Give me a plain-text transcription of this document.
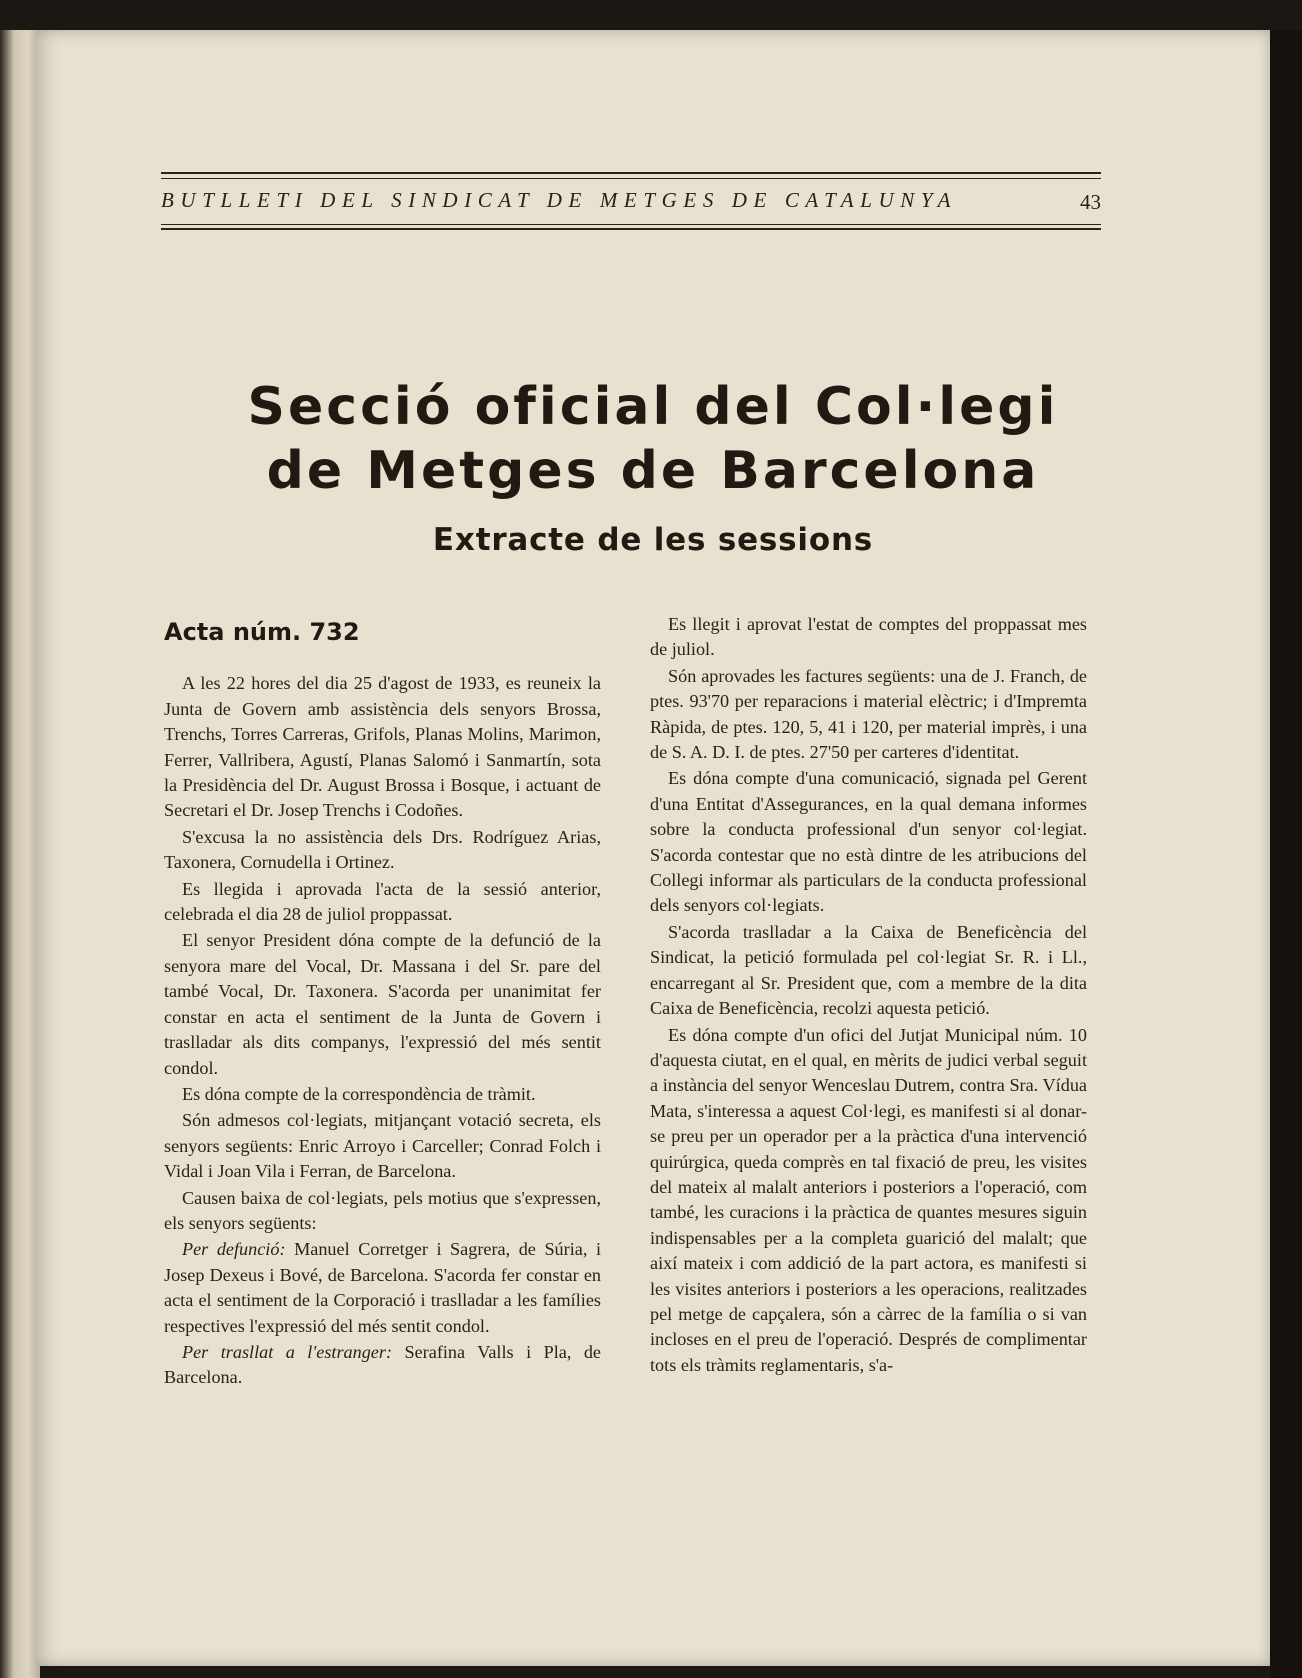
BUTLLETI DEL SINDICAT DE METGES DE CATALUNYA	43
Secció oficial del Col·legi
de Metges de Barcelona
Extracte de les sessions
Acta núm. 732

A les 22 hores del dia 25 d'agost de 1933, es reuneix la Junta de Govern amb assistència dels senyors Brossa, Trenchs, Torres Carreras, Grifols, Planas Molins, Marimon, Ferrer, Vallribera, Agustí, Planas Salomó i Sanmartín, sota la Presidència del Dr. August Brossa i Bosque, i actuant de Secretari el Dr. Josep Trenchs i Codoñes.

S'excusa la no assistència dels Drs. Rodríguez Arias, Taxonera, Cornudella i Ortinez.

Es llegida i aprovada l'acta de la sessió anterior, celebrada el dia 28 de juliol proppassat.

El senyor President dóna compte de la defunció de la senyora mare del Vocal, Dr. Massana i del Sr. pare del també Vocal, Dr. Taxonera. S'acorda per unanimitat fer constar en acta el sentiment de la Junta de Govern i traslladar als dits companys, l'expressió del més sentit condol.

Es dóna compte de la correspondència de tràmit.

Són admesos col·legiats, mitjançant votació secreta, els senyors següents: Enric Arroyo i Carceller; Conrad Folch i Vidal i Joan Vila i Ferran, de Barcelona.

Causen baixa de col·legiats, pels motius que s'expressen, els senyors següents:

Per defunció: Manuel Corretger i Sagrera, de Súria, i Josep Dexeus i Bové, de Barcelona. S'acorda fer constar en acta el sentiment de la Corporació i traslladar a les famílies respectives l'expressió del més sentit condol.

Per trasllat a l'estranger: Serafina Valls i Pla, de Barcelona.

Es llegit i aprovat l'estat de comptes del proppassat mes de juliol.

Són aprovades les factures següents: una de J. Franch, de ptes. 93'70 per reparacions i material elèctric; i d'Impremta Ràpida, de ptes. 120, 5, 41 i 120, per material imprès, i una de S. A. D. I. de ptes. 27'50 per carteres d'identitat.

Es dóna compte d'una comunicació, signada pel Gerent d'una Entitat d'Assegurances, en la qual demana informes sobre la conducta professional d'un senyor col·legiat. S'acorda contestar que no està dintre de les atribucions del Collegi informar als particulars de la conducta professional dels senyors col·legiats.

S'acorda traslladar a la Caixa de Beneficència del Sindicat, la petició formulada pel col·legiat Sr. R. i Ll., encarregant al Sr. President que, com a membre de la dita Caixa de Beneficència, recolzi aquesta petició.

Es dóna compte d'un ofici del Jutjat Municipal núm. 10 d'aquesta ciutat, en el qual, en mèrits de judici verbal seguit a instància del senyor Wenceslau Dutrem, contra Sra. Vídua Mata, s'interessa a aquest Col·legi, es manifesti si al donar-se preu per un operador per a la pràctica d'una intervenció quirúrgica, queda comprès en tal fixació de preu, les visites del mateix al malalt anteriors i posteriors a l'operació, com també, les curacions i la pràctica de quantes mesures siguin indispensables per a la completa guarició del malalt; que així mateix i com addició de la part actora, es manifesti si les visites anteriors i posteriors a les operacions, realitzades pel metge de capçalera, són a càrrec de la família o si van incloses en el preu de l'operació. Després de complimentar tots els tràmits reglamentaris, s'a-
